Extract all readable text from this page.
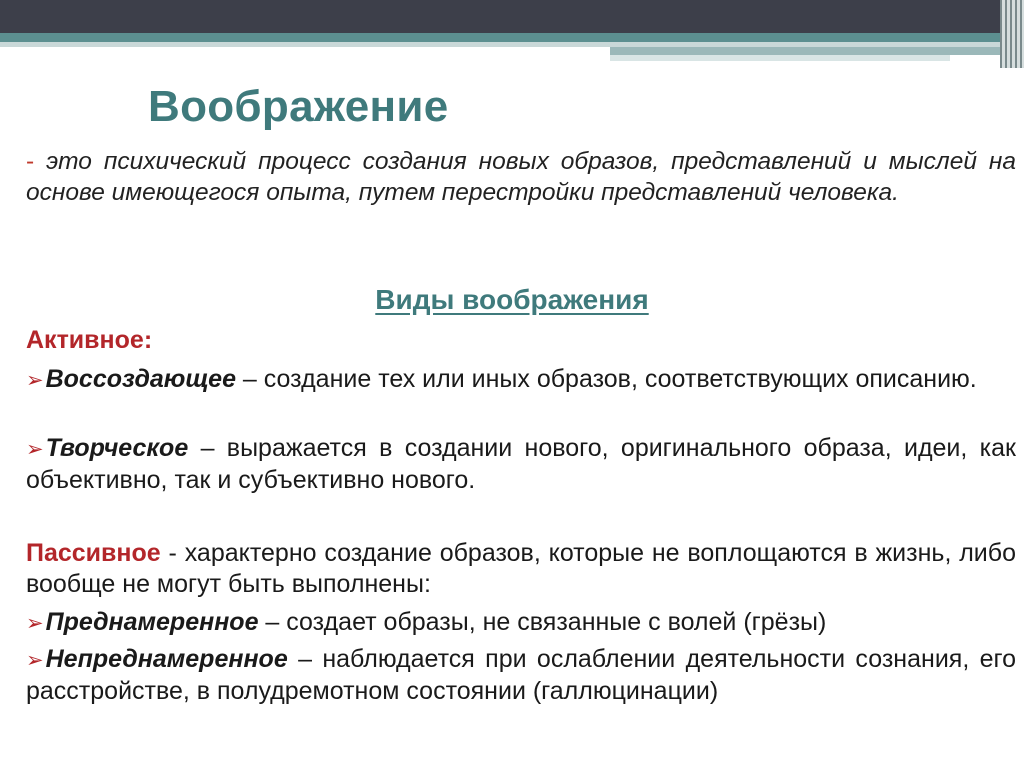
Воображение

- это психический процесс создания новых образов, представлений и мыслей на основе имеющегося опыта, путем перестройки представлений человека.

Виды воображения
Активное:

➢Воссоздающее – создание тех или иных образов, соответствующих описанию.

➢Творческое – выражается в создании нового, оригинального образа, идеи, как объективно, так и субъективно нового.

Пассивное - характерно создание образов, которые не воплощаются в жизнь, либо вообще не могут быть выполнены:

➢Преднамеренное – создает образы, не связанные с волей (грёзы)

➢Непреднамеренное – наблюдается при ослаблении деятельности сознания, его расстройстве, в полудремотном состоянии (галлюцинации)
